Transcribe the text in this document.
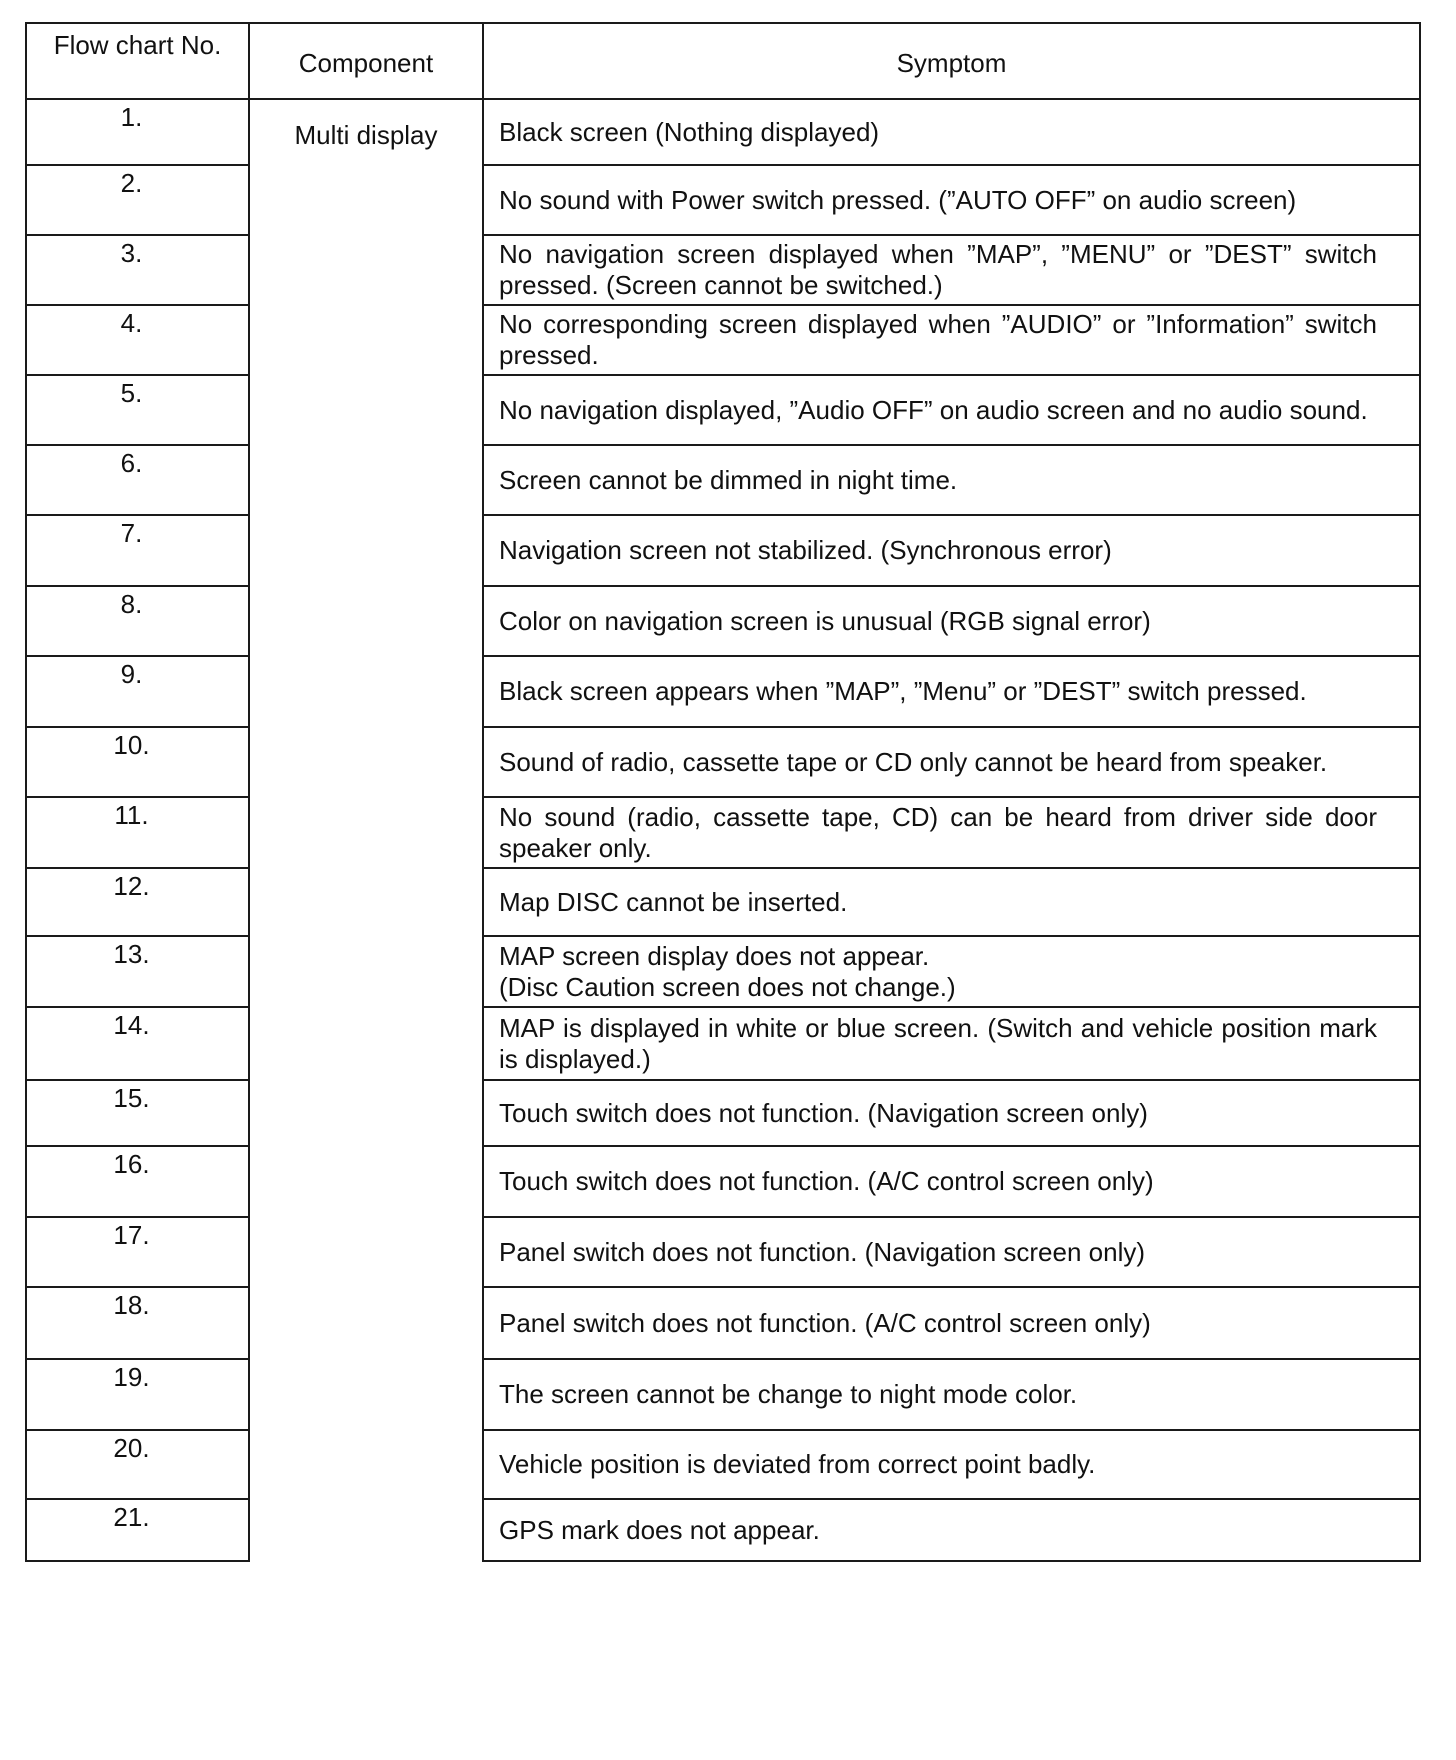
Flow chart No.	Component	Symptom
1.	Multi display	Black screen (Nothing displayed)
2.		No sound with Power switch pressed. (”AUTO OFF” on audio screen)
3.		No navigation screen displayed when ”MAP”, ”MENU” or ”DEST” switch pressed. (Screen cannot be switched.)
4.		No corresponding screen displayed when ”AUDIO” or ”Information” switch pressed.
5.		No navigation displayed, ”Audio OFF” on audio screen and no audio sound.
6.		Screen cannot be dimmed in night time.
7.		Navigation screen not stabilized. (Synchronous error)
8.		Color on navigation screen is unusual (RGB signal error)
9.		Black screen appears when ”MAP”, ”Menu” or ”DEST” switch pressed.
10.		Sound of radio, cassette tape or CD only cannot be heard from speaker.
11.		No sound (radio, cassette tape, CD) can be heard from driver side door speaker only.
12.		Map DISC cannot be inserted.
13.		MAP screen display does not appear.
(Disc Caution screen does not change.)
14.		MAP is displayed in white or blue screen. (Switch and vehicle position mark is displayed.)
15.		Touch switch does not function. (Navigation screen only)
16.		Touch switch does not function. (A/C control screen only)
17.		Panel switch does not function. (Navigation screen only)
18.		Panel switch does not function. (A/C control screen only)
19.		The screen cannot be change to night mode color.
20.		Vehicle position is deviated from correct point badly.
21.		GPS mark does not appear.
